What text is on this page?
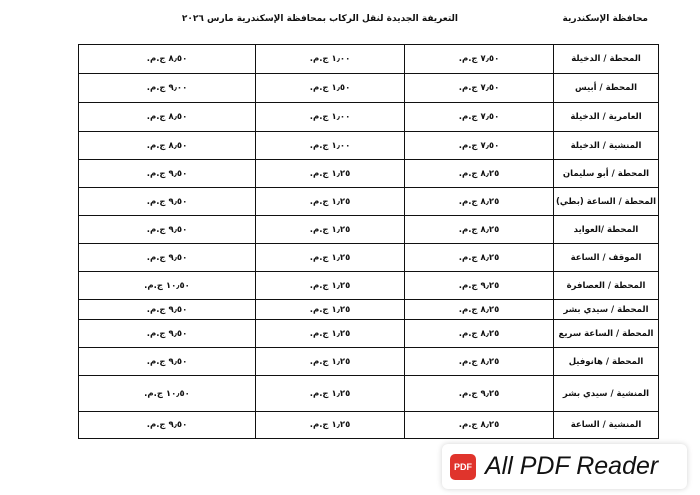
محافظة الإسكندرية
التعريفة الجديدة لنقل الركاب بمحافظة الإسكندرية مارس ٢٠٢٦
٨٫٥٠ ج.م.	١٫٠٠ ج.م.	٧٫٥٠ ج.م.	المحطة / الدخيلة
٩٫٠٠ ج.م.	١٫٥٠ ج.م.	٧٫٥٠ ج.م.	المحطة / أبيس
٨٫٥٠ ج.م.	١٫٠٠ ج.م.	٧٫٥٠ ج.م.	العامرية / الدخيلة
٨٫٥٠ ج.م.	١٫٠٠ ج.م.	٧٫٥٠ ج.م.	المنشية / الدخيلة
٩٫٥٠ ج.م.	١٫٢٥ ج.م.	٨٫٢٥ ج.م.	المحطة / أبو سليمان
٩٫٥٠ ج.م.	١٫٢٥ ج.م.	٨٫٢٥ ج.م.	المحطة / الساعة (بطي)
٩٫٥٠ ج.م.	١٫٢٥ ج.م.	٨٫٢٥ ج.م.	المحطة /العوايد
٩٫٥٠ ج.م.	١٫٢٥ ج.م.	٨٫٢٥ ج.م.	الموقف / الساعة
١٠٫٥٠ ج.م.	١٫٢٥ ج.م.	٩٫٢٥ ج.م.	المحطة / العصافرة
٩٫٥٠ ج.م.	١٫٢٥ ج.م.	٨٫٢٥ ج.م.	المحطة / سيدي بشر
٩٫٥٠ ج.م.	١٫٢٥ ج.م.	٨٫٢٥ ج.م.	المحطة / الساعة سريع
٩٫٥٠ ج.م.	١٫٢٥ ج.م.	٨٫٢٥ ج.م.	المحطة / هانوفيل
١٠٫٥٠ ج.م.	١٫٢٥ ج.م.	٩٫٢٥ ج.م.	المنشية / سيدي بشر
٩٫٥٠ ج.م.	١٫٢٥ ج.م.	٨٫٢٥ ج.م.	المنشية / الساعة
PDF All PDF Reader
